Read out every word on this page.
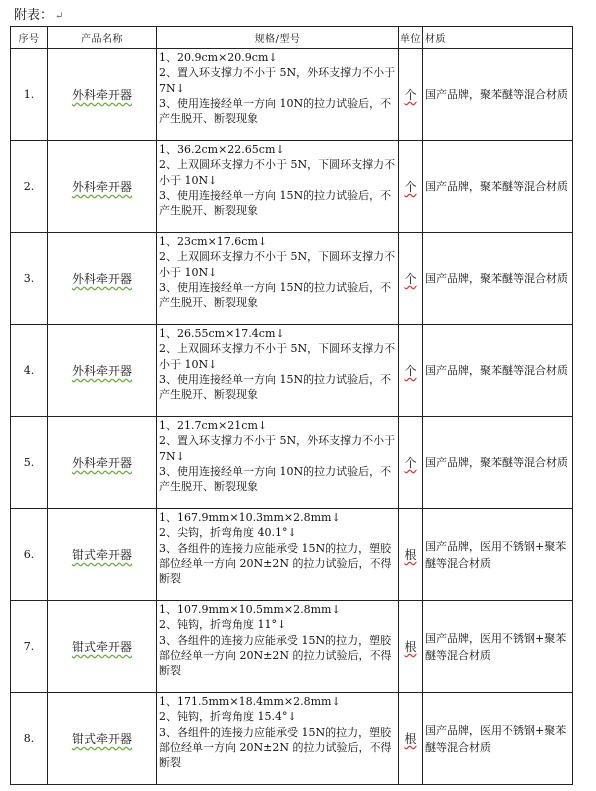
附表： ↵
序号	产品名称	规格/型号	单位	材质
1.	外科牵开器	1、20.9cm×20.9cm↓
2、置入环支撑力不小于 5N，外环支撑力不小于 7N↓
3、使用连接经单一方向 10N的拉力试验后，不产生脱开、断裂现象	个	国产品牌，聚苯醚等混合材质
2.	外科牵开器	1、36.2cm×22.65cm↓
2、上双圆环支撑力不小于 5N，下圆环支撑力不小于 10N↓
3、使用连接经单一方向 15N的拉力试验后，不产生脱开、断裂现象	个	国产品牌，聚苯醚等混合材质
3.	外科牵开器	1、23cm×17.6cm↓
2、上双圆环支撑力不小于 5N，下圆环支撑力不小于 10N↓
3、使用连接经单一方向 15N的拉力试验后，不产生脱开、断裂现象	个	国产品牌，聚苯醚等混合材质
4.	外科牵开器	1、26.55cm×17.4cm↓
2、上双圆环支撑力不小于 5N，下圆环支撑力不小于 10N↓
3、使用连接经单一方向 15N的拉力试验后，不产生脱开、断裂现象	个	国产品牌，聚苯醚等混合材质
5.	外科牵开器	1、21.7cm×21cm↓
2、置入环支撑力不小于 5N，外环支撑力不小于 7N↓
3、使用连接经单一方向 10N的拉力试验后，不产生脱开、断裂现象	个	国产品牌，聚苯醚等混合材质
6.	钳式牵开器	1、167.9mm×10.3mm×2.8mm↓
2、尖钩，折弯角度 40.1°↓
3、各组件的连接力应能承受 15N的拉力，塑胶部位经单一方向 20N±2N 的拉力试验后，不得断裂	根	国产品牌，医用不锈钢+聚苯醚等混合材质
7.	钳式牵开器	1、107.9mm×10.5mm×2.8mm↓
2、钝钩，折弯角度 11°↓
3、各组件的连接力应能承受 15N的拉力，塑胶部位经单一方向 20N±2N 的拉力试验后，不得断裂	根	国产品牌，医用不锈钢+聚苯醚等混合材质
8.	钳式牵开器	1、171.5mm×18.4mm×2.8mm↓
2、钝钩，折弯角度 15.4°↓
3、各组件的连接力应能承受 15N的拉力，塑胶部位经单一方向 20N±2N 的拉力试验后，不得断裂	根	国产品牌，医用不锈钢+聚苯醚等混合材质
